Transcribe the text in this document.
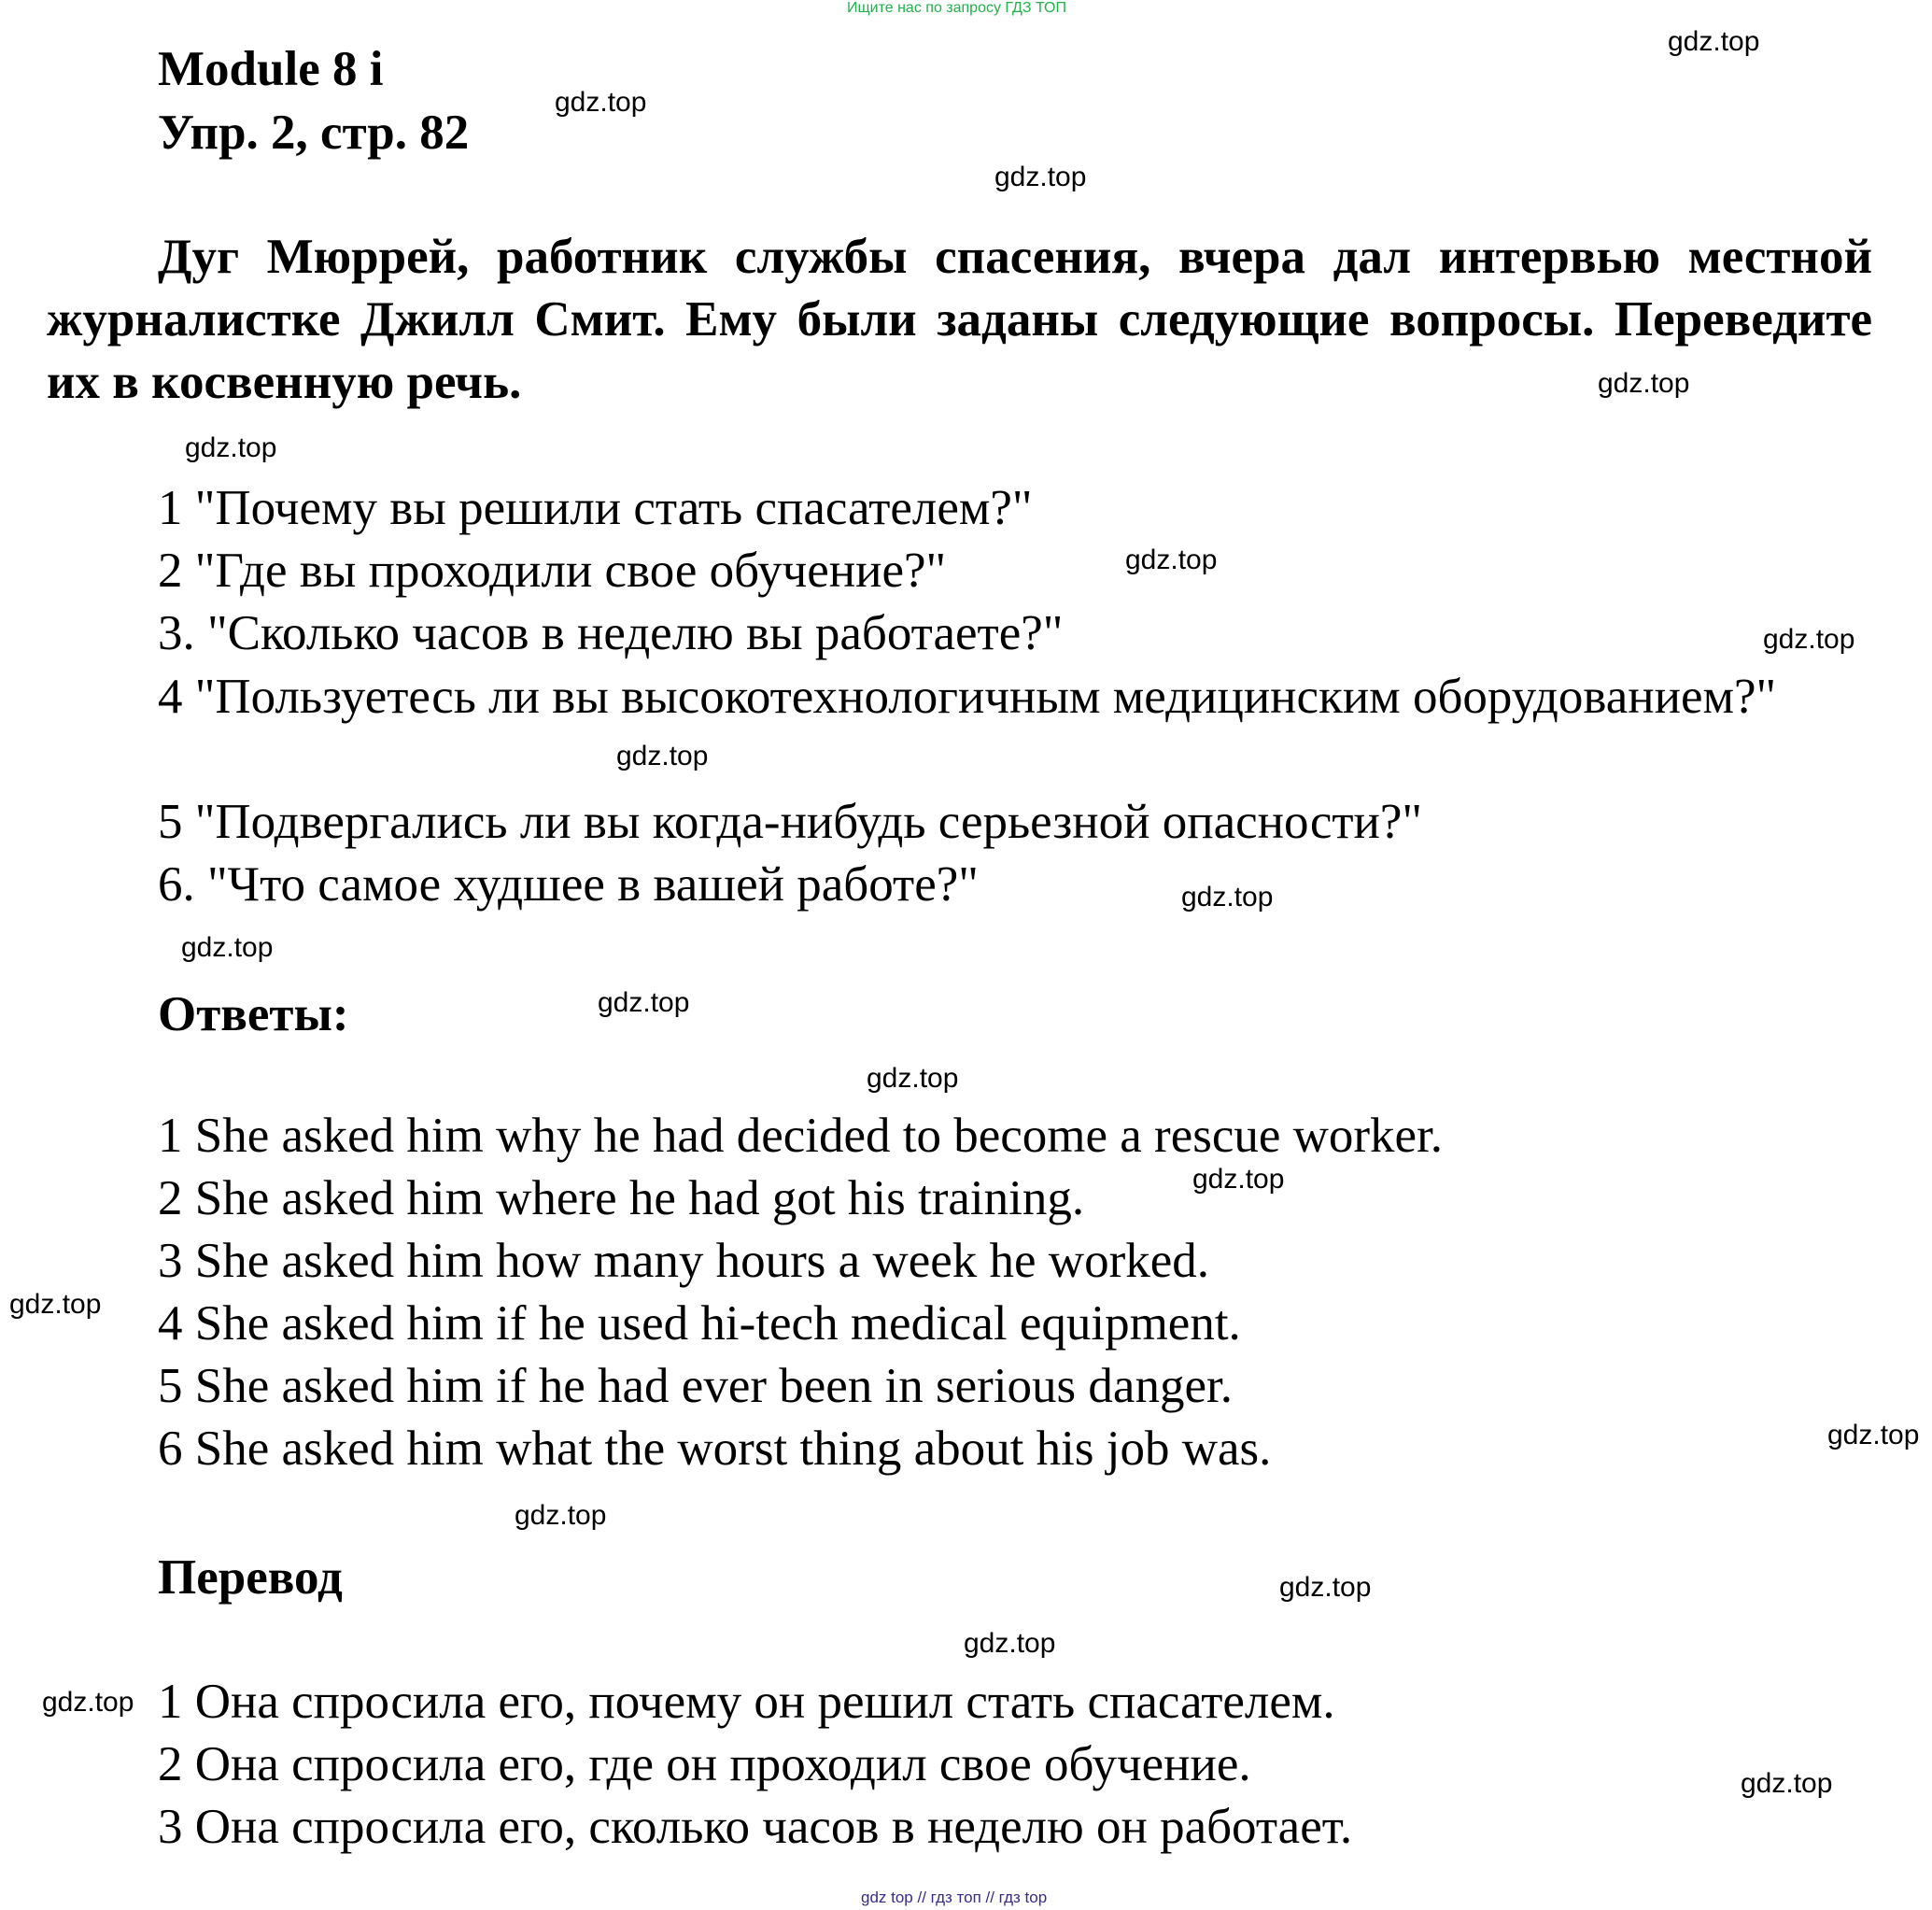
Ищите нас по запросу ГДЗ ТОП
Module 8 i
Упр. 2, стр. 82

Дуг Мюррей, работник службы спасения, вчера дал интервью местной журналистке Джилл Смит. Ему были заданы следующие вопросы. Переведите их в косвенную речь.

1 "Почему вы решили стать спасателем?"
2 "Где вы проходили свое обучение?"
3. "Сколько часов в неделю вы работаете?"

4 "Пользуетесь ли вы высокотехнологичным медицинским оборудованием?"

5 "Подвергались ли вы когда-нибудь серьезной опасности?"
6. "Что самое худшее в вашей работе?"
Ответы:
1 She asked him why he had decided to become a rescue worker.
2 She asked him where he had got his training.
3 She asked him how many hours a week he worked.
4 She asked him if he used hi-tech medical equipment.
5 She asked him if he had ever been in serious danger.
6 She asked him what the worst thing about his job was.
Перевод
1 Она спросила его, почему он решил стать спасателем.
2 Она спросила его, где он проходил свое обучение.
3 Она спросила его, сколько часов в неделю он работает.
gdz top // гдз топ // гдз top
gdz.top
gdz.top
gdz.top
gdz.top
gdz.top
gdz.top
gdz.top
gdz.top
gdz.top
gdz.top
gdz.top
gdz.top
gdz.top
gdz.top
gdz.top
gdz.top
gdz.top
gdz.top
gdz.top
gdz.top
